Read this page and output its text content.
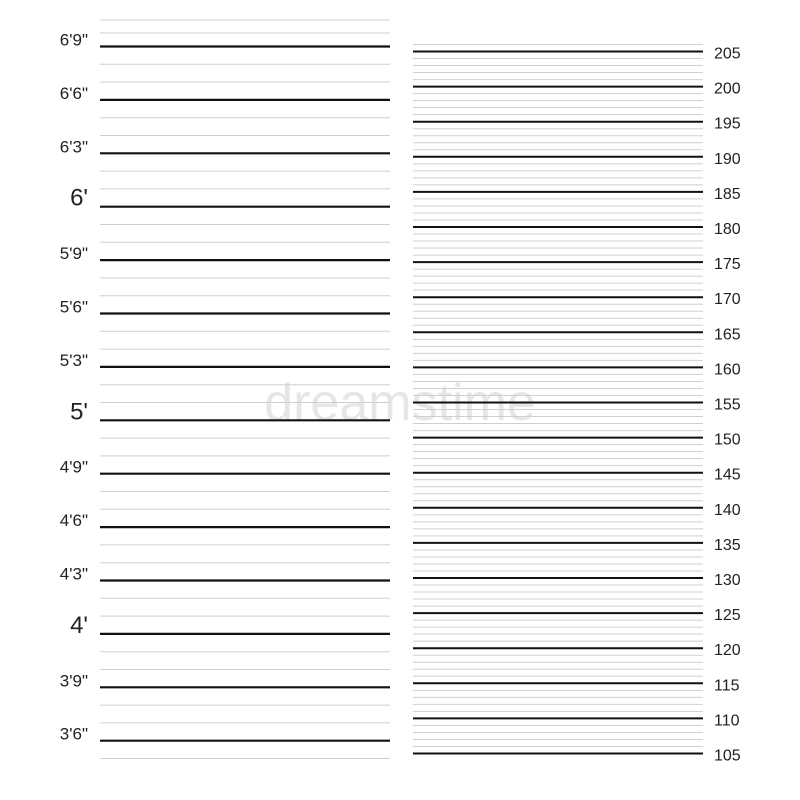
dreamstime
6'9"
6'6"
6'3"
6'
5'9"
5'6"
5'3"
5'
4'9"
4'6"
4'3"
4'
3'9"
3'6"
205
200
195
190
185
180
175
170
165
160
155
150
145
140
135
130
125
120
115
110
105
